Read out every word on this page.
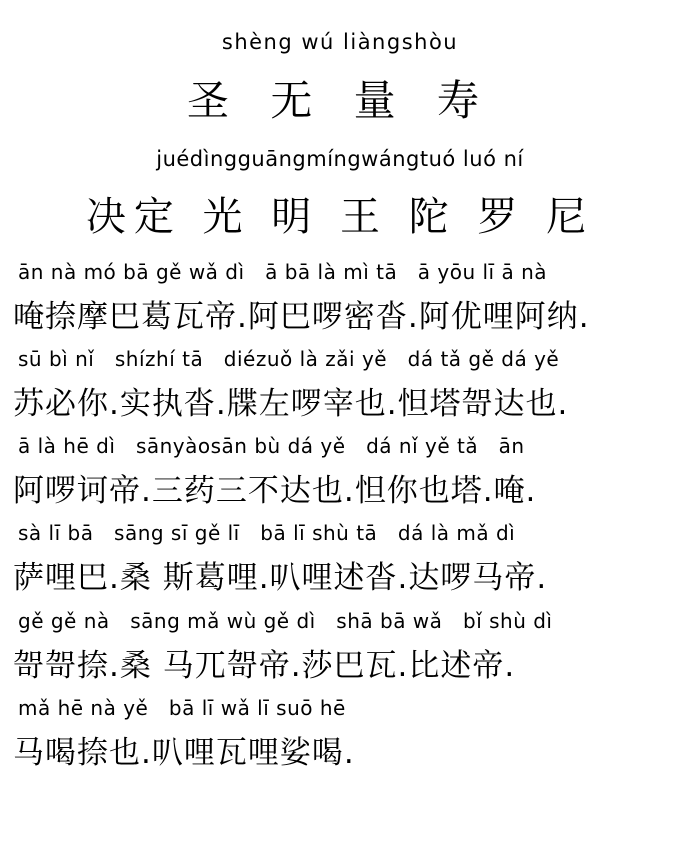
shèng wú liàngshòu

圣 无 量 寿

juédìngguāngmíngwángtuó luó ní

决定 光 明 王 陀 罗 尼

ān nà mó bā gě wǎ dì   ā bā là mì tā   ā yōu lī ā nà

唵捺摩巴葛瓦帝.阿巴啰密沓.阿优哩阿纳.

sū bì nǐ   shízhí tā   diézuǒ là zǎi yě   dá tǎ gě dá yě

苏必你.实执沓.牒左啰宰也.怛塔哿达也.

ā là hē dì   sānyàosān bù dá yě   dá nǐ yě tǎ   ān

阿啰诃帝.三药三不达也.怛你也塔.唵.

sà lī bā   sāng sī gě lī   bā lī shù tā   dá là mǎ dì

萨哩巴.桑 斯葛哩.叭哩述沓.达啰马帝.

gě gě nà   sāng mǎ wù gě dì   shā bā wǎ   bǐ shù dì

哿哿捺.桑 马兀哿帝.莎巴瓦.比述帝.

mǎ hē nà yě   bā lī wǎ lī suō hē

马喝捺也.叭哩瓦哩娑喝.
